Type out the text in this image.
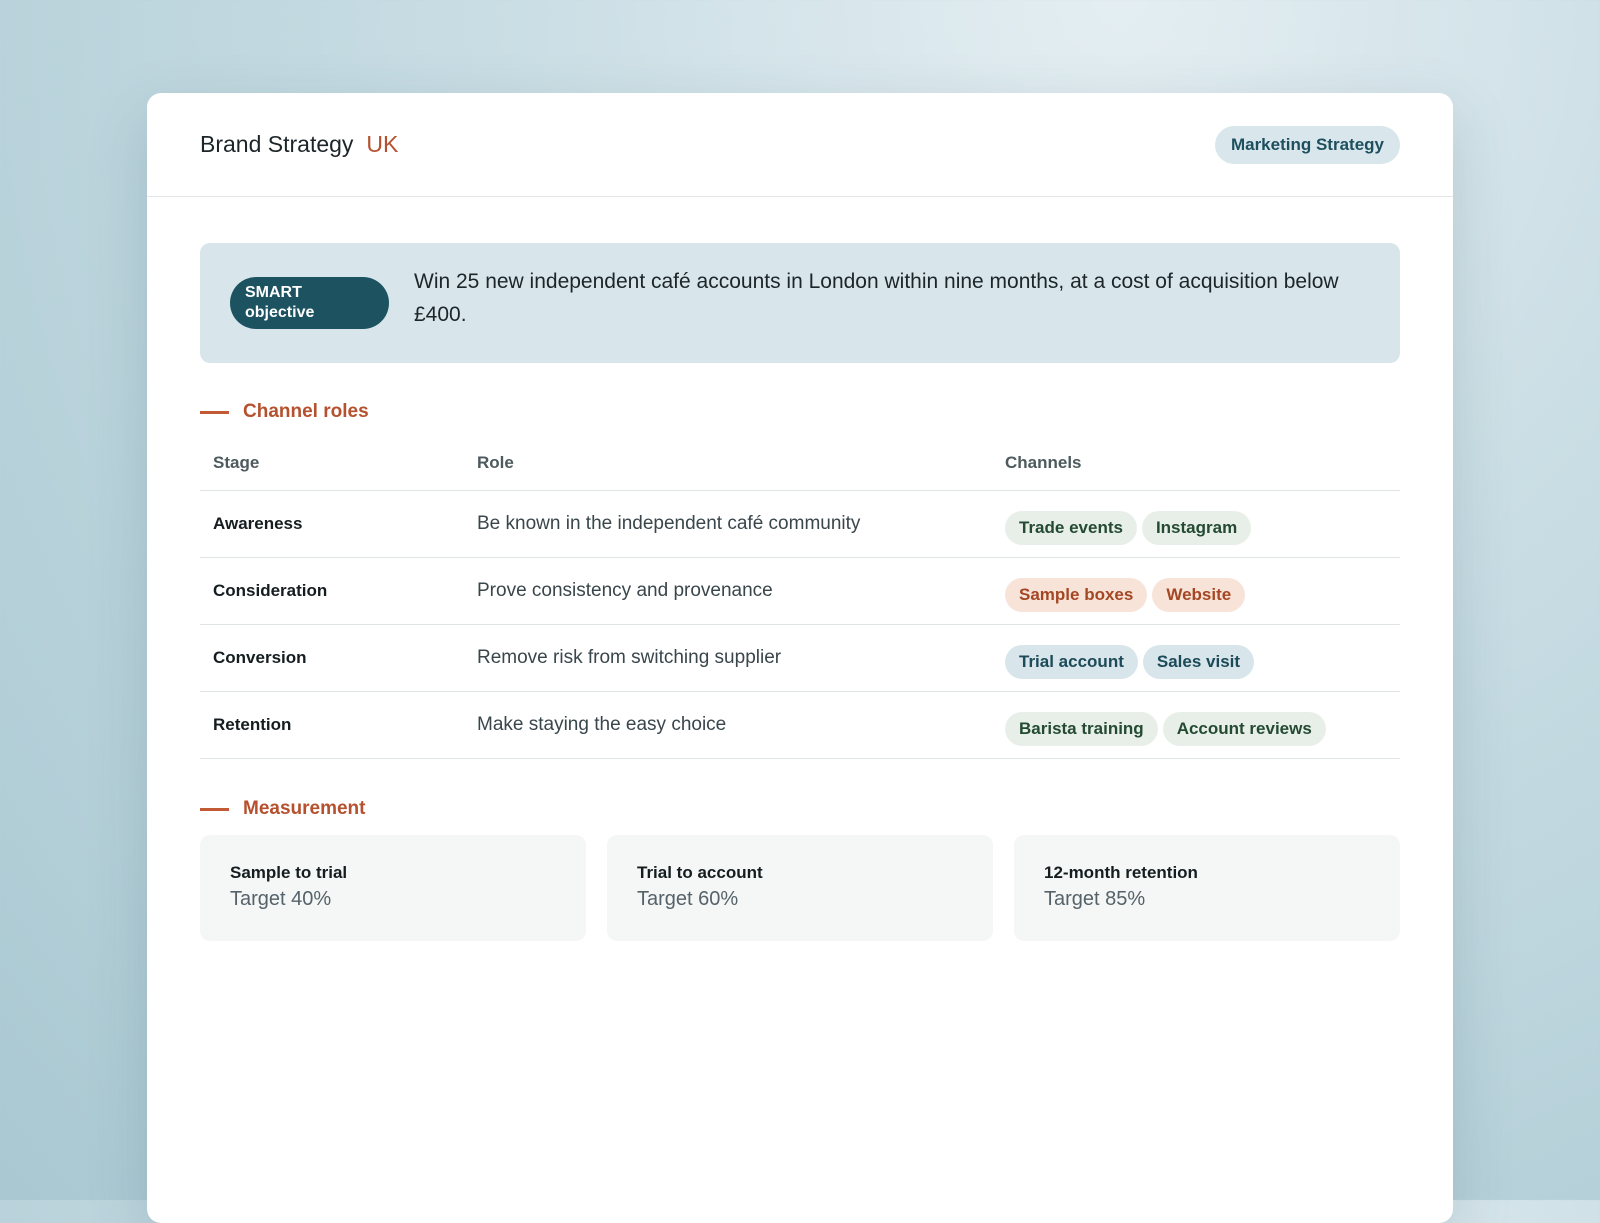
Brand Strategy UK	Marketing Strategy
SMART objective
Win 25 new independent café accounts in London within nine months, at a cost of acquisition below £400.
Channel roles
Stage	Role	Channels
Awareness	Be known in the independent café community	Trade events Instagram

Consideration	Prove consistency and provenance	Sample boxes Website

Conversion	Remove risk from switching supplier	Trial account Sales visit

Retention	Make staying the easy choice	Barista training Account reviews
Measurement
Sample to trial
Target 40%
Trial to account
Target 60%
12-month retention
Target 85%
